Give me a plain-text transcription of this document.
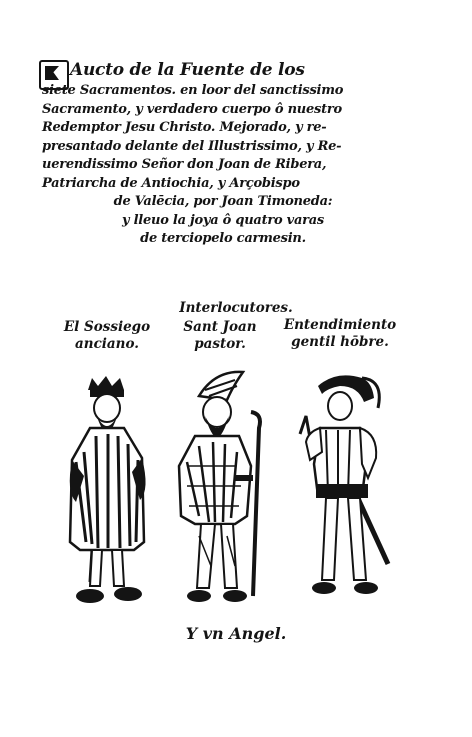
Aucto de la Fuente de los
siete Sacramentos. en loor del sanctissimo
Sacramento, y verdadero cuerpo ô nuestro
Redemptor Jesu Christo. Mejorado, y re-
presantado delante del Illustrissimo, y Re-
uerendissimo Señor don Joan de Ribera,
Patriarcha de Antiochia, y Arçobispo
de Valēcia, por Joan Timoneda:
y lleuo la joya ô quatro varas
de terciopelo carmesin.
Interlocutores.
El Sossiego
anciano.
Sant Joan
pastor.
Entendimiento
gentil hōbre.
Y vn Angel.
